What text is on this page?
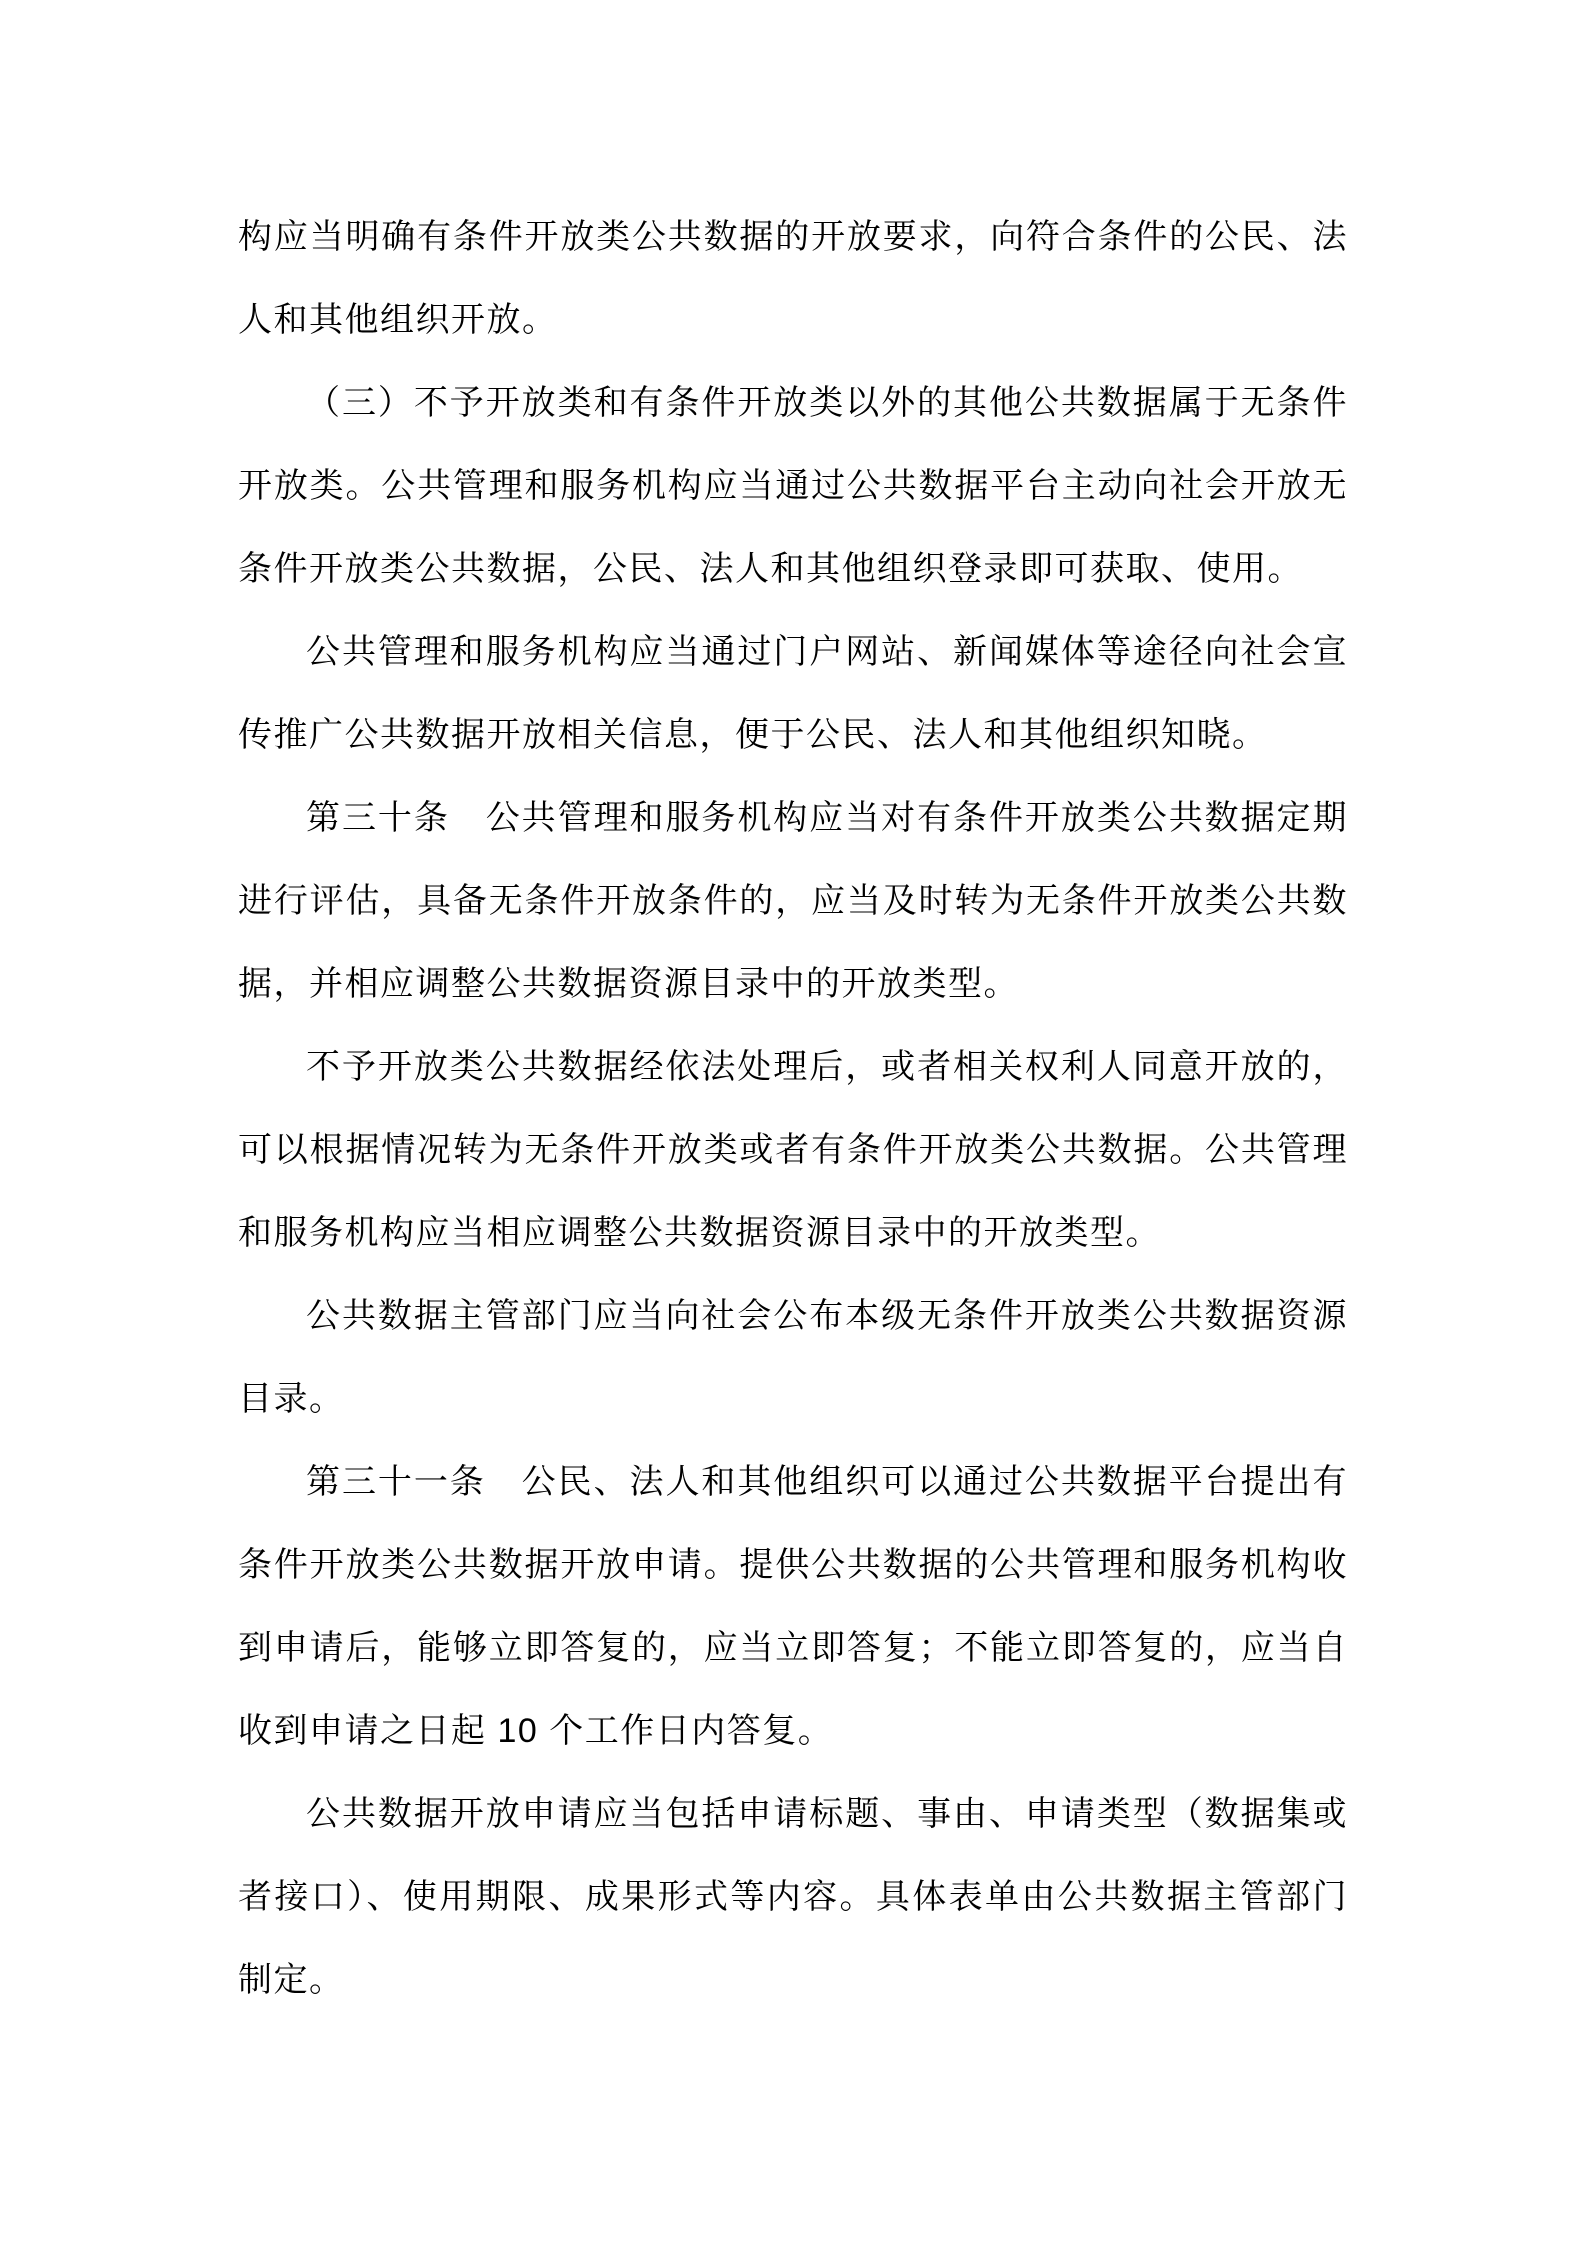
构应当明确有条件开放类公共数据的开放要求，向符合条件的公民、法人和其他组织开放。

（三）不予开放类和有条件开放类以外的其他公共数据属于无条件开放类。公共管理和服务机构应当通过公共数据平台主动向社会开放无条件开放类公共数据，公民、法人和其他组织登录即可获取、使用。

公共管理和服务机构应当通过门户网站、新闻媒体等途径向社会宣传推广公共数据开放相关信息，便于公民、法人和其他组织知晓。

第三十条　公共管理和服务机构应当对有条件开放类公共数据定期进行评估，具备无条件开放条件的，应当及时转为无条件开放类公共数据，并相应调整公共数据资源目录中的开放类型。

不予开放类公共数据经依法处理后，或者相关权利人同意开放的，可以根据情况转为无条件开放类或者有条件开放类公共数据。公共管理和服务机构应当相应调整公共数据资源目录中的开放类型。

公共数据主管部门应当向社会公布本级无条件开放类公共数据资源目录。

第三十一条　公民、法人和其他组织可以通过公共数据平台提出有条件开放类公共数据开放申请。提供公共数据的公共管理和服务机构收到申请后，能够立即答复的，应当立即答复；不能立即答复的，应当自收到申请之日起 10 个工作日内答复。

公共数据开放申请应当包括申请标题、事由、申请类型（数据集或者接口）、使用期限、成果形式等内容。具体表单由公共数据主管部门制定。
